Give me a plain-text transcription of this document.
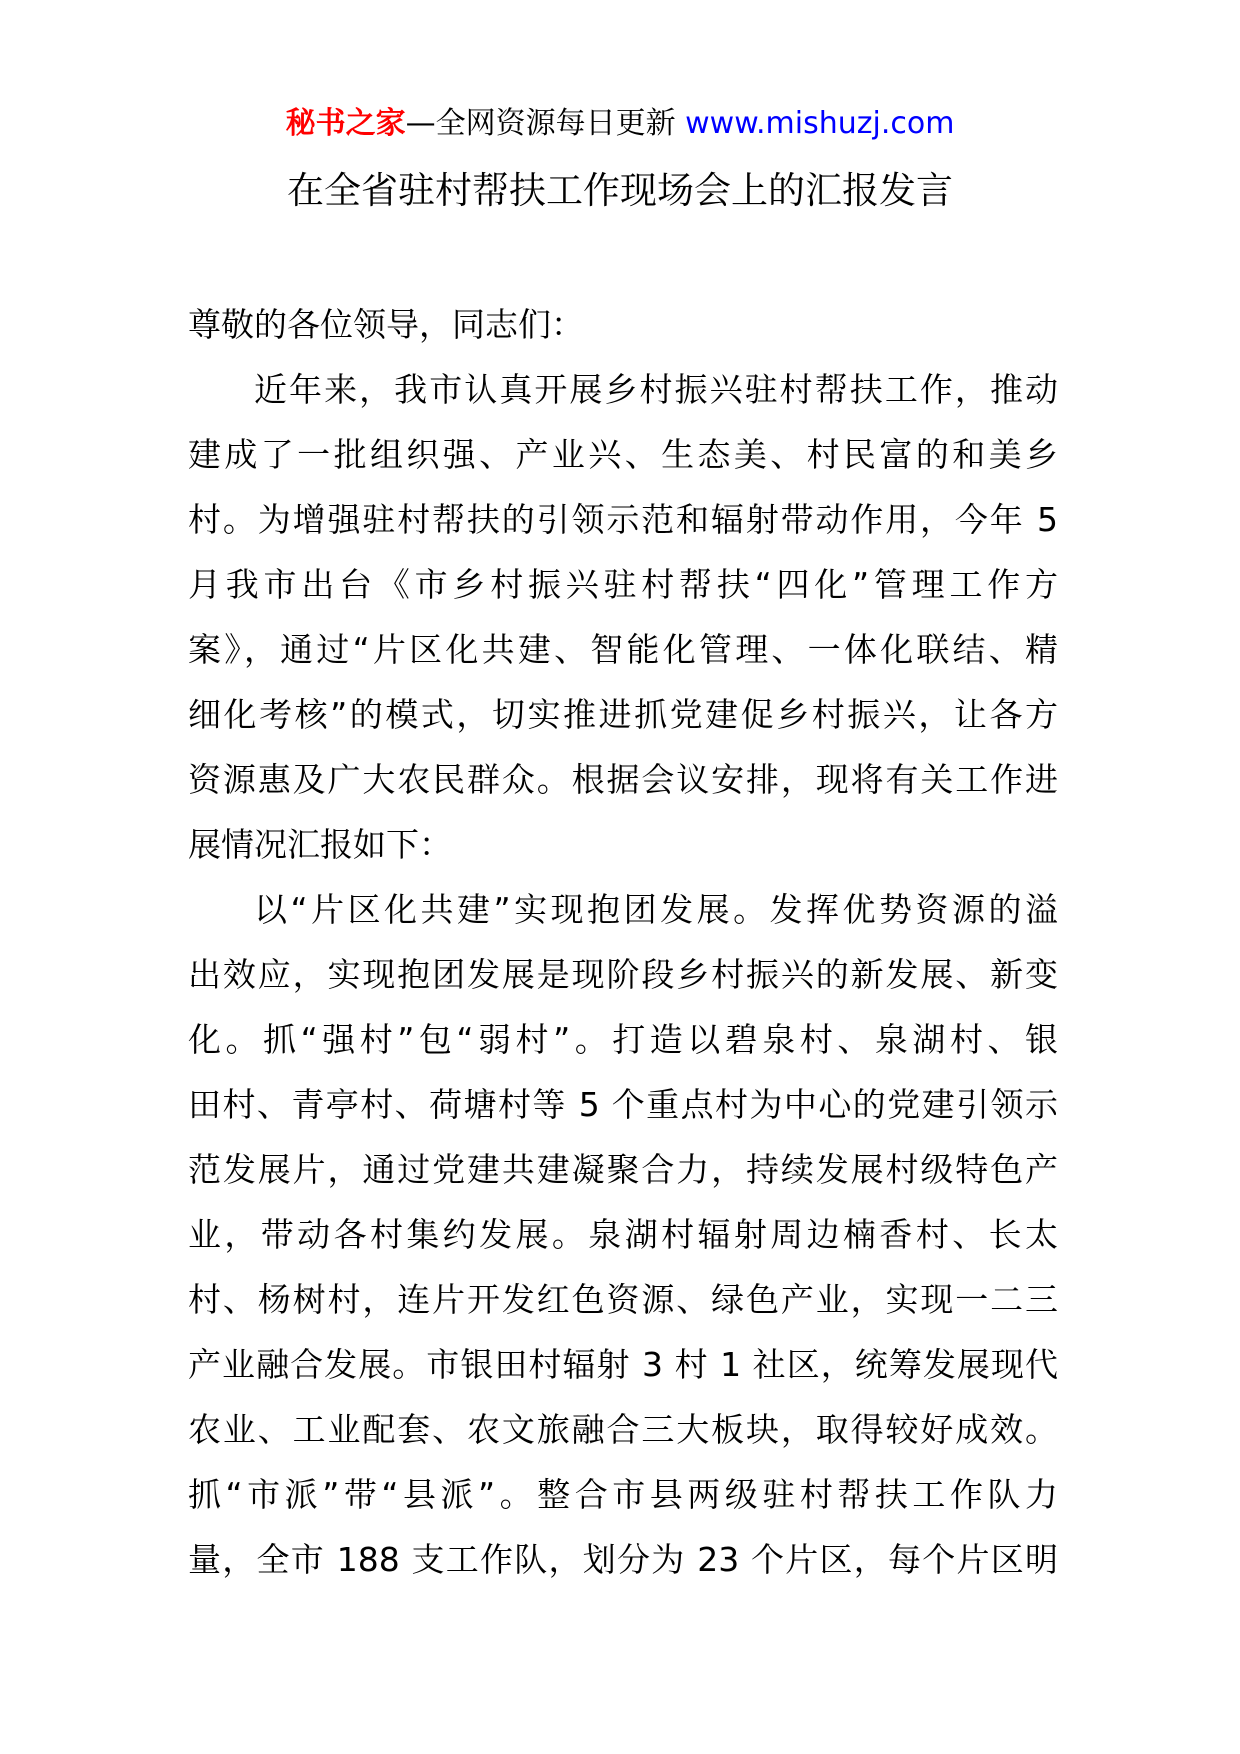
秘书之家—全网资源每日更新 www.mishuzj.com
在全省驻村帮扶工作现场会上的汇报发言
尊敬的各位领导，同志们：
近年来，我市认真开展乡村振兴驻村帮扶工作，推动
建成了一批组织强、产业兴、生态美、村民富的和美乡
村。为增强驻村帮扶的引领示范和辐射带动作用，今年 5
月我市出台《市乡村振兴驻村帮扶“四化”管理工作方
案》，通过“片区化共建、智能化管理、一体化联结、精
细化考核”的模式，切实推进抓党建促乡村振兴，让各方
资源惠及广大农民群众。根据会议安排，现将有关工作进
展情况汇报如下：
以“片区化共建”实现抱团发展。发挥优势资源的溢
出效应，实现抱团发展是现阶段乡村振兴的新发展、新变
化。抓“强村”包“弱村”。打造以碧泉村、泉湖村、银
田村、青亭村、荷塘村等 5 个重点村为中心的党建引领示
范发展片，通过党建共建凝聚合力，持续发展村级特色产
业，带动各村集约发展。泉湖村辐射周边楠香村、长太
村、杨树村，连片开发红色资源、绿色产业，实现一二三
产业融合发展。市银田村辐射 3 村 1 社区，统筹发展现代
农业、工业配套、农文旅融合三大板块，取得较好成效。
抓“市派”带“县派”。整合市县两级驻村帮扶工作队力
量，全市 188 支工作队，划分为 23 个片区，每个片区明
